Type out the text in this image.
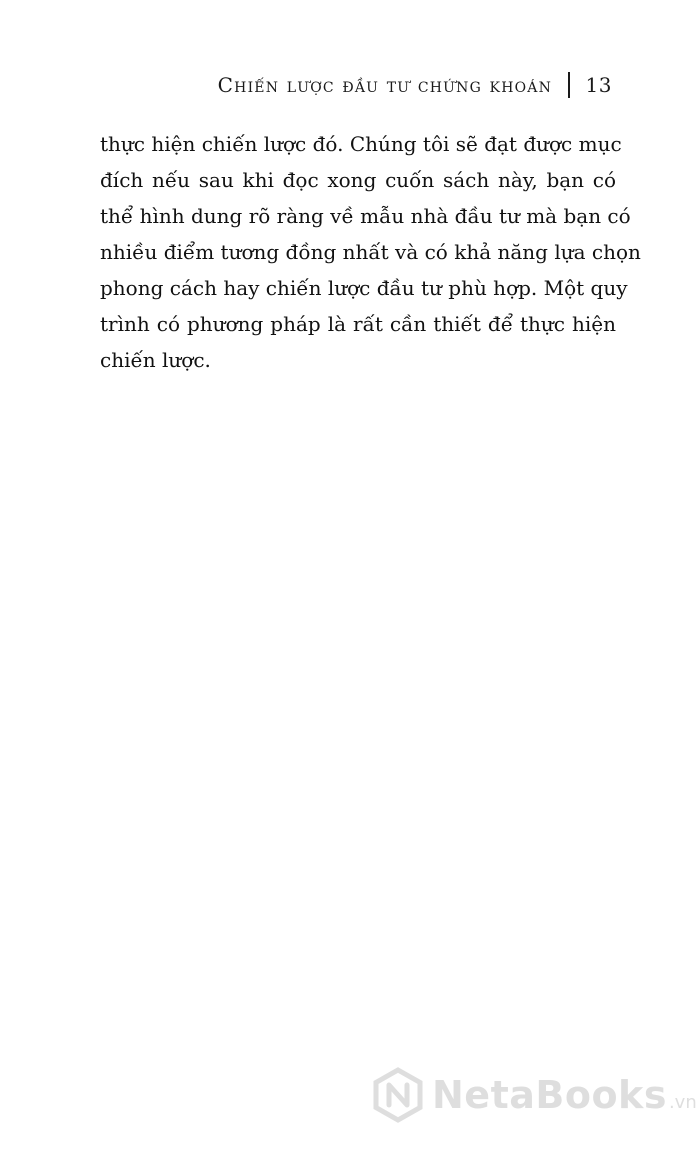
Chiến lược đầu tư chứng khoán 13
thực hiện chiến lược đó. Chúng tôi sẽ đạt được mục
đích nếu sau khi đọc xong cuốn sách này, bạn có
thể hình dung rõ ràng về mẫu nhà đầu tư mà bạn có
nhiều điểm tương đồng nhất và có khả năng lựa chọn
phong cách hay chiến lược đầu tư phù hợp. Một quy
trình có phương pháp là rất cần thiết để thực hiện
chiến lược.
NetaBooks .vn
